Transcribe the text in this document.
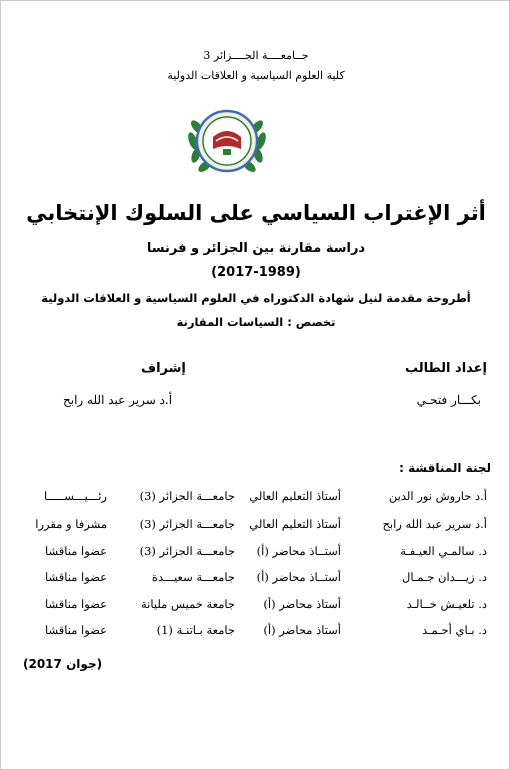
جــامعــــة الجــــزائر 3
كلية العلوم السياسية و العلاقات الدولية
أثر الإغتراب السياسي على السلوك الإنتخابي
دراسة مقارنة بين الجزائر و فرنسا
(2017-1989)
أطروحة مقدمة لنيل شهادة الدكتوراه في العلوم السياسية و العلاقات الدولية
تخصص : السياسات المقارنة
إعداد الطالب
بكـــار فتحـي
إشراف
أ.د سرير عبد الله رابح
لجنة المناقشة :
أ.د حاروش نور الدين
أستاذ التعليم العالي
جامعـــة الجزائر (3)
رئـــيـــســـــا
أ.د سرير عبد الله رابح
أستاذ التعليم العالي
جامعـــة الجزائر (3)
مشرفا و مقررا
د. سالمـي العيـفـة
أستــاذ محاضر (أ)
جامعـــة الجزائر (3)
عضوا مناقشا
د. زيـــدان جـمـال
أستــاذ محاضر (أ)
جامعـــة سعيـــدة
عضوا مناقشا
د. تلعيـش خــالـد
أستاذ محاضر (أ)
جامعة خميس مليانة
عضوا مناقشا
د. بـاي أحـمـد
أستاذ محاضر (أ)
جامعة بـاتنـة (1)
عضوا مناقشا
(جوان 2017)
